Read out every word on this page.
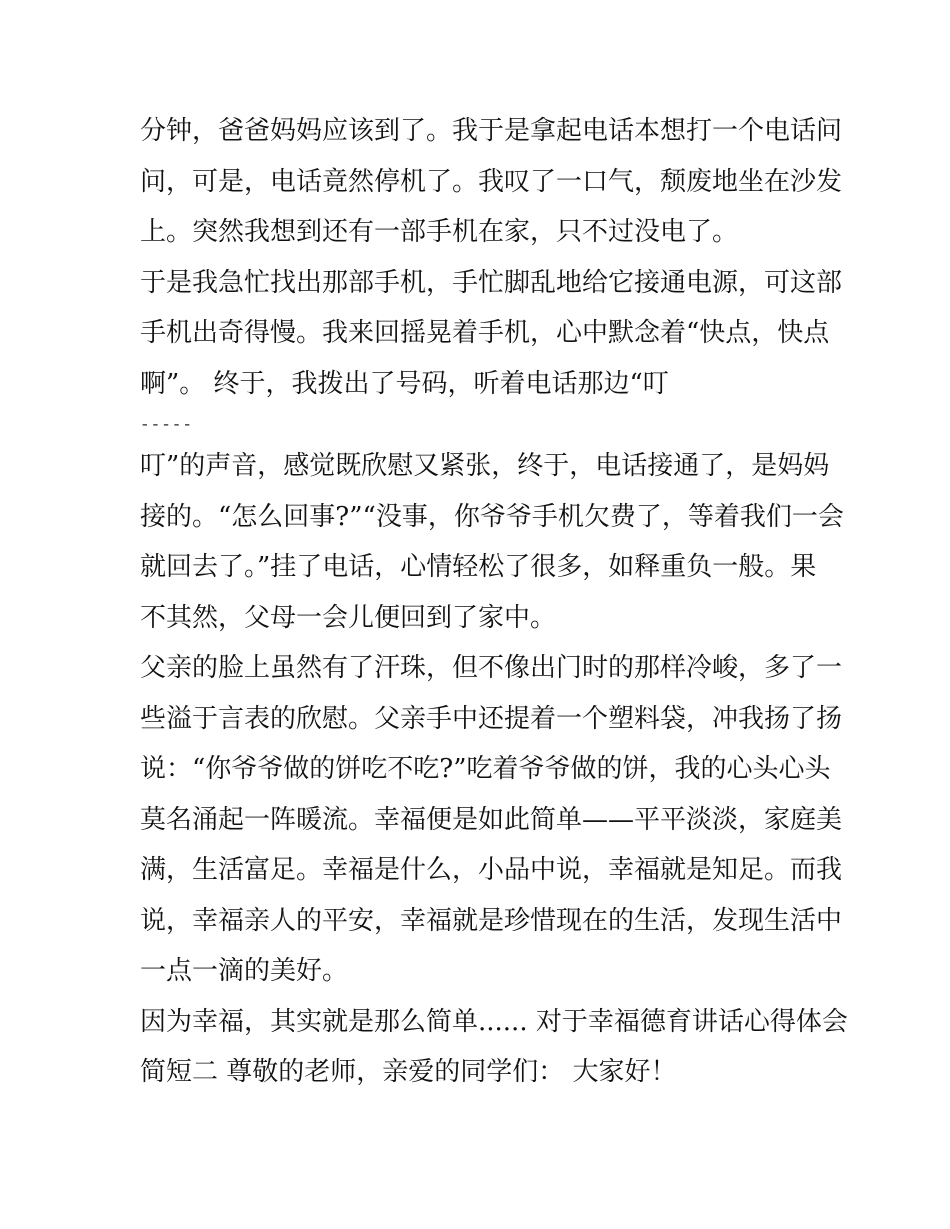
分钟，爸爸妈妈应该到了。我于是拿起电话本想打一个电话问
问，可是，电话竟然停机了。我叹了一口气，颓废地坐在沙发
上。突然我想到还有一部手机在家，只不过没电了。
于是我急忙找出那部手机，手忙脚乱地给它接通电源，可这部
手机出奇得慢。我来回摇晃着手机，心中默念着“快点，快点
啊”。 终于，我拨出了号码，听着电话那边“叮
-----
叮”的声音，感觉既欣慰又紧张，终于，电话接通了，是妈妈
接的。“怎么回事?”“没事，你爷爷手机欠费了，等着我们一会
就回去了。”挂了电话，心情轻松了很多，如释重负一般。果
不其然，父母一会儿便回到了家中。
父亲的脸上虽然有了汗珠，但不像出门时的那样冷峻，多了一
些溢于言表的欣慰。父亲手中还提着一个塑料袋，冲我扬了扬
说：“你爷爷做的饼吃不吃?”吃着爷爷做的饼，我的心头心头
莫名涌起一阵暖流。幸福便是如此简单——平平淡淡，家庭美
满，生活富足。幸福是什么，小品中说，幸福就是知足。而我
说，幸福亲人的平安，幸福就是珍惜现在的生活，发现生活中
一点一滴的美好。
因为幸福，其实就是那么简单...... 对于幸福德育讲话心得体会
简短二 尊敬的老师，亲爱的同学们： 大家好！
